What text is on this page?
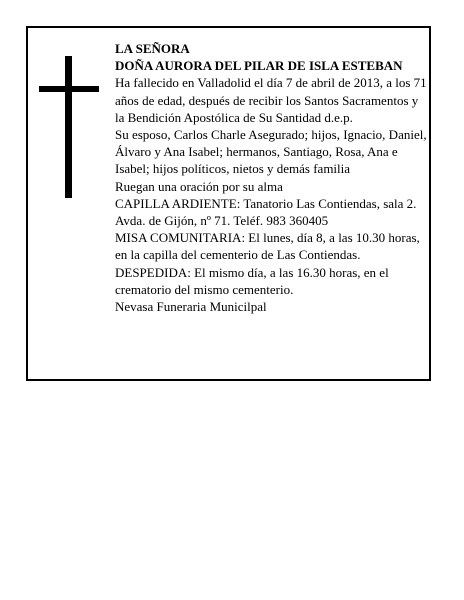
LA SEÑORA

DOÑA AURORA DEL PILAR DE ISLA ESTEBAN

Ha fallecido en Valladolid el día 7 de abril de 2013, a los 71 años de edad, después de recibir los Santos Sacramentos y la Bendición Apostólica de Su Santidad d.e.p.

Su esposo, Carlos Charle Asegurado; hijos, Ignacio, Daniel, Álvaro y Ana Isabel; hermanos, Santiago, Rosa, Ana e Isabel; hijos políticos, nietos y demás familia

Ruegan una oración por su alma

CAPILLA ARDIENTE: Tanatorio Las Contiendas, sala 2. Avda. de Gijón, nº 71. Teléf. 983 360405

MISA COMUNITARIA: El lunes, día 8, a las 10.30 horas, en la capilla del cementerio de Las Contiendas.

DESPEDIDA: El mismo día, a las 16.30 horas, en el crematorio del mismo cementerio.

Nevasa Funeraria Municilpal
